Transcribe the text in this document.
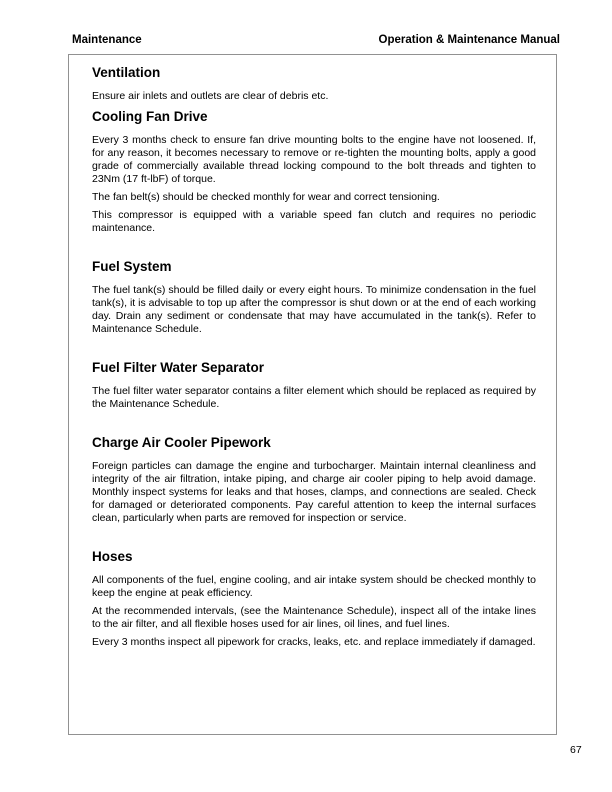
Maintenance	Operation & Maintenance Manual
Ventilation

Ensure air inlets and outlets are clear of debris etc.

Cooling Fan Drive

Every 3 months check to ensure fan drive mounting bolts to the engine have not loosened. If, for any reason, it becomes necessary to remove or re-tighten the mounting bolts, apply a good grade of commercially available thread locking compound to the bolt threads and tighten to 23Nm (17 ft-lbF) of torque.

The fan belt(s) should be checked monthly for wear and correct tensioning.

This compressor is equipped with a variable speed fan clutch and requires no periodic maintenance.

Fuel System

The fuel tank(s) should be filled daily or every eight hours. To minimize condensation in the fuel tank(s), it is advisable to top up after the compressor is shut down or at the end of each working day. Drain any sediment or condensate that may have accumulated in the tank(s). Refer to Maintenance Schedule.

Fuel Filter Water Separator

The fuel filter water separator contains a filter element which should be replaced as required by the Maintenance Schedule.

Charge Air Cooler Pipework

Foreign particles can damage the engine and turbocharger. Maintain internal cleanliness and integrity of the air filtration, intake piping, and charge air cooler piping to help avoid damage. Monthly inspect systems for leaks and that hoses, clamps, and connections are sealed. Check for damaged or deteriorated components. Pay careful attention to keep the internal surfaces clean, particularly when parts are removed for inspection or service.

Hoses

All components of the fuel, engine cooling, and air intake system should be checked monthly to keep the engine at peak efficiency.

At the recommended intervals, (see the Maintenance Schedule), inspect all of the intake lines to the air filter, and all flexible hoses used for air lines, oil lines, and fuel lines.

Every 3 months inspect all pipework for cracks, leaks, etc. and replace immediately if damaged.

67
